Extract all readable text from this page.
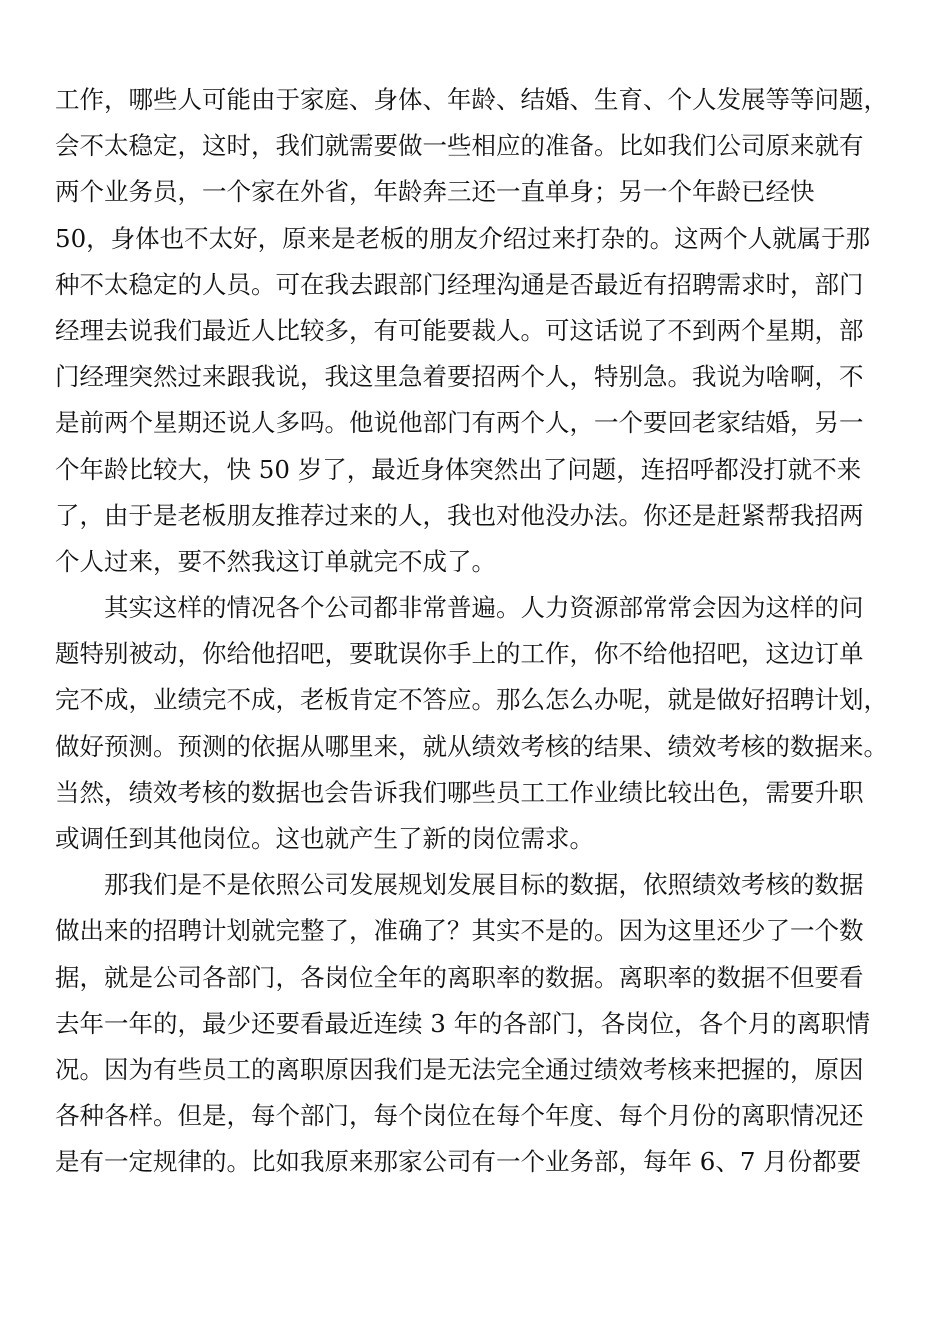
工作，哪些人可能由于家庭、身体、年龄、结婚、生育、个人发展等等问题，
会不太稳定，这时，我们就需要做一些相应的准备。比如我们公司原来就有
两个业务员，一个家在外省，年龄奔三还一直单身；另一个年龄已经快
50，身体也不太好，原来是老板的朋友介绍过来打杂的。这两个人就属于那
种不太稳定的人员。可在我去跟部门经理沟通是否最近有招聘需求时，部门
经理去说我们最近人比较多，有可能要裁人。可这话说了不到两个星期，部
门经理突然过来跟我说，我这里急着要招两个人，特别急。我说为啥啊，不
是前两个星期还说人多吗。他说他部门有两个人，一个要回老家结婚，另一
个年龄比较大，快 50 岁了，最近身体突然出了问题，连招呼都没打就不来
了，由于是老板朋友推荐过来的人，我也对他没办法。你还是赶紧帮我招两
个人过来，要不然我这订单就完不成了。
　　其实这样的情况各个公司都非常普遍。人力资源部常常会因为这样的问
题特别被动，你给他招吧，要耽误你手上的工作，你不给他招吧，这边订单
完不成，业绩完不成，老板肯定不答应。那么怎么办呢，就是做好招聘计划，
做好预测。预测的依据从哪里来，就从绩效考核的结果、绩效考核的数据来。
当然，绩效考核的数据也会告诉我们哪些员工工作业绩比较出色，需要升职
或调任到其他岗位。这也就产生了新的岗位需求。
　　那我们是不是依照公司发展规划发展目标的数据，依照绩效考核的数据
做出来的招聘计划就完整了，准确了？其实不是的。因为这里还少了一个数
据，就是公司各部门，各岗位全年的离职率的数据。离职率的数据不但要看
去年一年的，最少还要看最近连续 3 年的各部门，各岗位，各个月的离职情
况。因为有些员工的离职原因我们是无法完全通过绩效考核来把握的，原因
各种各样。但是，每个部门，每个岗位在每个年度、每个月份的离职情况还
是有一定规律的。比如我原来那家公司有一个业务部，每年 6、7 月份都要
